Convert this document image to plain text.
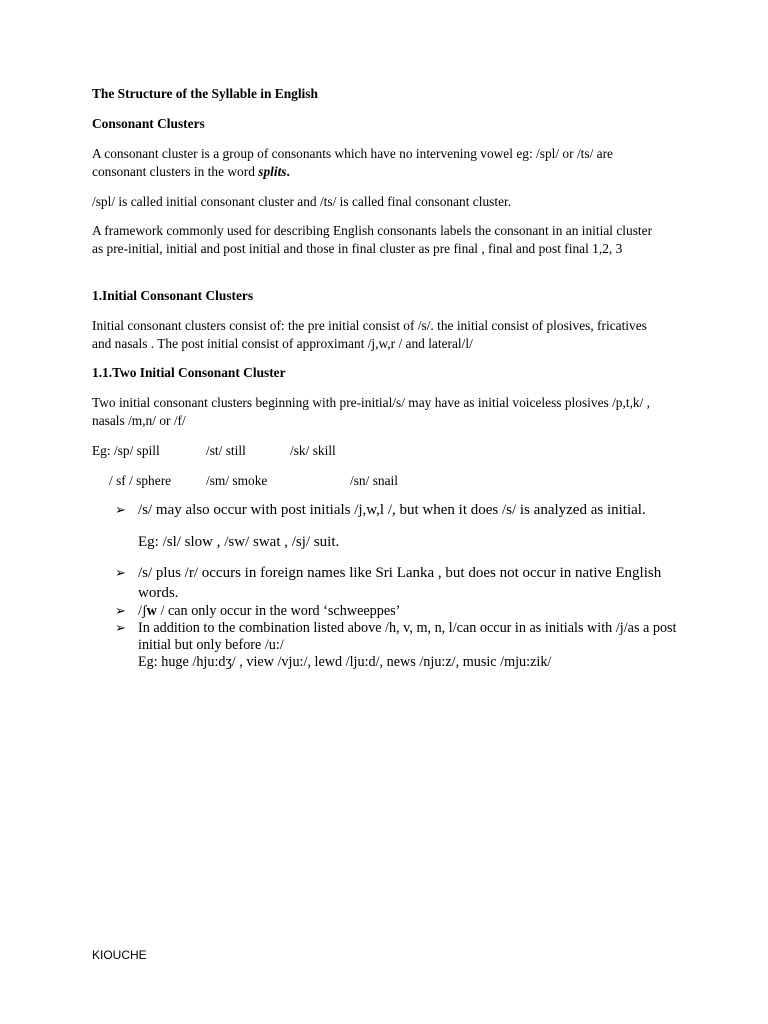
The Structure of the Syllable in English
Consonant Clusters
A consonant cluster is a group of consonants which have no intervening vowel eg: /spl/ or /ts/ are consonant clusters in the word splits.
/spl/ is called initial consonant cluster and /ts/ is called final consonant cluster.
A framework commonly used for describing English consonants labels the consonant in an initial cluster as pre-initial, initial and post initial and those in final cluster as pre final , final and post final 1,2, 3
1.Initial Consonant Clusters
Initial consonant clusters consist of: the pre initial consist of /s/. the initial consist of plosives, fricatives and nasals . The post initial consist of approximant /j,w,r / and lateral/l/
1.1.Two Initial Consonant Cluster
Two initial consonant clusters beginning with pre-initial/s/ may have as initial voiceless plosives /p,t,k/ , nasals /m,n/ or /f/
Eg: /sp/ spill	/st/ still	/sk/ skill
/ sf / sphere	/sm/ smoke	/sn/ snail
➢ /s/ may also occur with post initials /j,w,l /, but when it does /s/ is analyzed as initial.
Eg: /sl/ slow , /sw/ swat , /sj/ suit.
➢ /s/ plus /r/ occurs in foreign names like Sri Lanka , but does not occur in native English words.
➢ /ʃw / can only occur in the word ‘schweeppes’
➢ In addition to the combination listed above /h, v, m, n, l/can occur in as initials with /j/as a post initial but only before /u:/
Eg: huge /hju:dʒ/ , view /vju:/, lewd /lju:d/, news /nju:z/, music /mju:zik/
KIOUCHE
